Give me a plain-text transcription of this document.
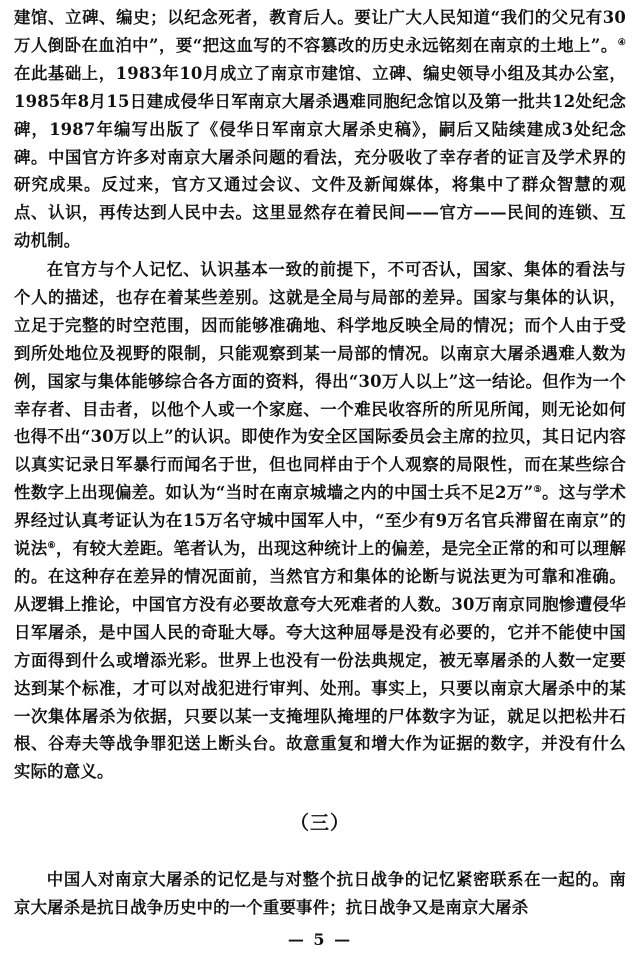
建馆、立碑、编史；以纪念死者，教育后人。要让广大人民知道“我们的父兄有30万人倒卧在血泊中”，要“把这血写的不容篡改的历史永远铭刻在南京的土地上”。④在此基础上，1983年10月成立了南京市建馆、立碑、编史领导小组及其办公室，1985年8月15日建成侵华日军南京大屠杀遇难同胞纪念馆以及第一批共12处纪念碑，1987年编写出版了《侵华日军南京大屠杀史稿》，嗣后又陆续建成3处纪念碑。中国官方许多对南京大屠杀问题的看法，充分吸收了幸存者的证言及学术界的研究成果。反过来，官方又通过会议、文件及新闻媒体，将集中了群众智慧的观点、认识，再传达到人民中去。这里显然存在着民间——官方——民间的连锁、互动机制。

在官方与个人记忆、认识基本一致的前提下，不可否认，国家、集体的看法与个人的描述，也存在着某些差别。这就是全局与局部的差异。国家与集体的认识，立足于完整的时空范围，因而能够准确地、科学地反映全局的情况；而个人由于受到所处地位及视野的限制，只能观察到某一局部的情况。以南京大屠杀遇难人数为例，国家与集体能够综合各方面的资料，得出“30万人以上”这一结论。但作为一个幸存者、目击者，以他个人或一个家庭、一个难民收容所的所见所闻，则无论如何也得不出“30万以上”的认识。即使作为安全区国际委员会主席的拉贝，其日记内容以真实记录日军暴行而闻名于世，但也同样由于个人观察的局限性，而在某些综合性数字上出现偏差。如认为“当时在南京城墙之内的中国士兵不足2万”⑤。这与学术界经过认真考证认为在15万名守城中国军人中，“至少有9万名官兵滞留在南京”的说法⑥，有较大差距。笔者认为，出现这种统计上的偏差，是完全正常的和可以理解的。在这种存在差异的情况面前，当然官方和集体的论断与说法更为可靠和准确。从逻辑上推论，中国官方没有必要故意夸大死难者的人数。30万南京同胞惨遭侵华日军屠杀，是中国人民的奇耻大辱。夸大这种屈辱是没有必要的，它并不能使中国方面得到什么或增添光彩。世界上也没有一份法典规定，被无辜屠杀的人数一定要达到某个标准，才可以对战犯进行审判、处刑。事实上，只要以南京大屠杀中的某一次集体屠杀为依据，只要以某一支掩埋队掩埋的尸体数字为证，就足以把松井石根、谷寿夫等战争罪犯送上断头台。故意重复和增大作为证据的数字，并没有什么实际的意义。

（三）

中国人对南京大屠杀的记忆是与对整个抗日战争的记忆紧密联系在一起的。南京大屠杀是抗日战争历史中的一个重要事件；抗日战争又是南京大屠杀

— 5 —
